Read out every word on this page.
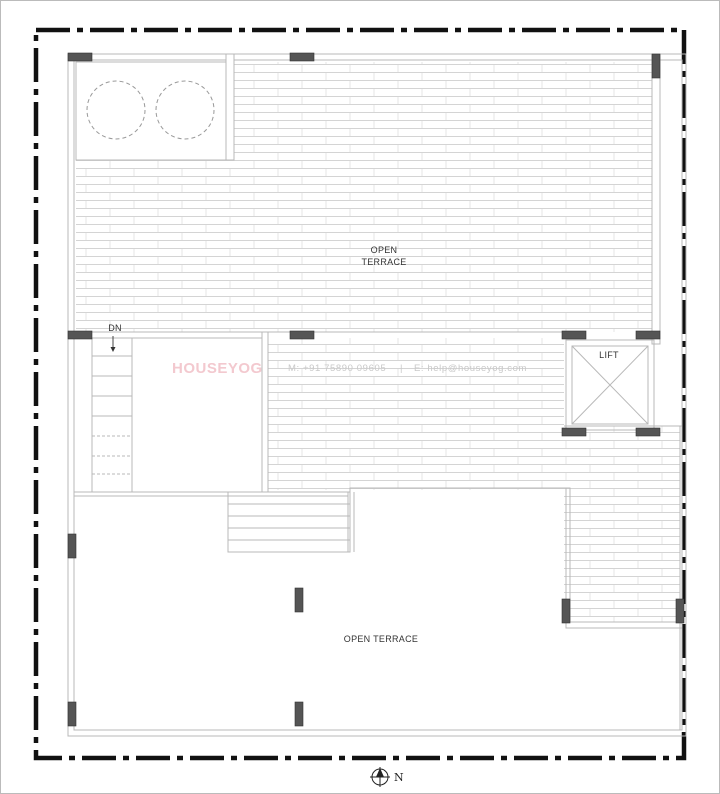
OPEN
TERRACE
OPEN TERRACE
LIFT
DN
HOUSEYOG	M: +91 75890 09605 | E: help@houseyog.com
N
